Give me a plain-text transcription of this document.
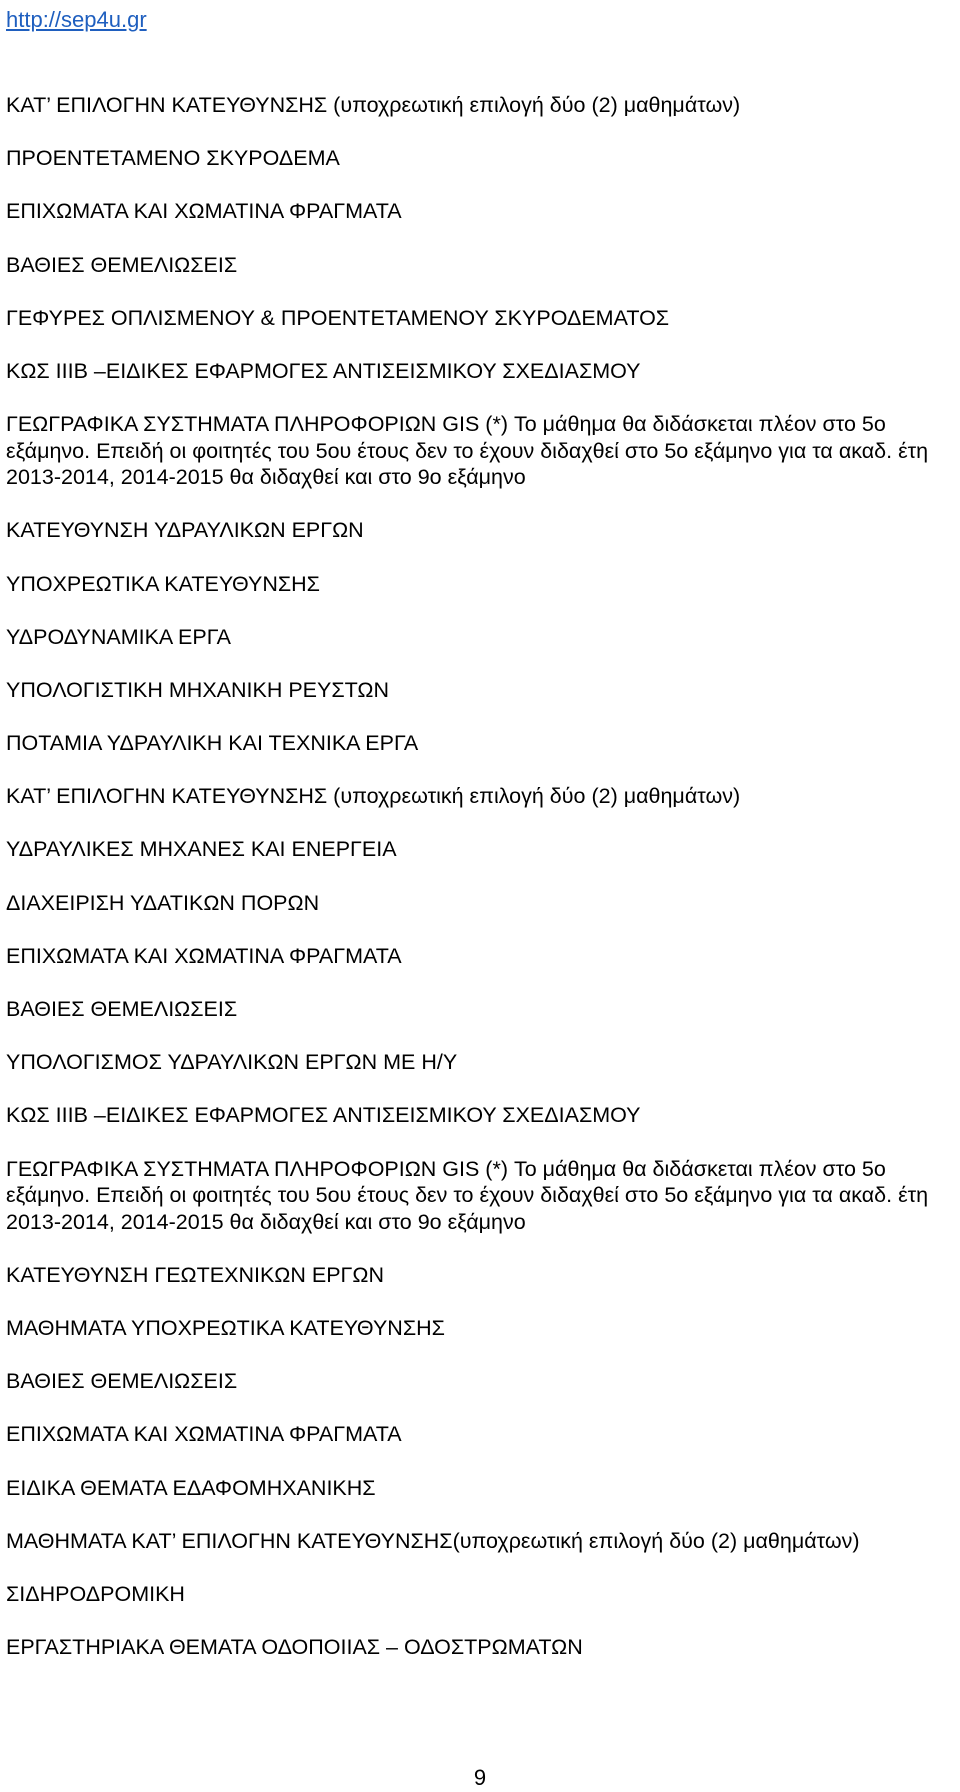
http://sep4u.gr
ΚΑΤ’ ΕΠΙΛΟΓΗΝ ΚΑΤΕΥΘΥΝΣΗΣ (υποχρεωτική επιλογή δύο (2) μαθημάτων)
ΠΡΟΕΝΤΕΤΑΜΕΝΟ ΣΚΥΡΟΔΕΜΑ
ΕΠΙΧΩΜΑΤΑ ΚΑΙ ΧΩΜΑΤΙΝΑ ΦΡΑΓΜΑΤΑ
ΒΑΘΙΕΣ ΘΕΜΕΛΙΩΣΕΙΣ
ΓΕΦΥΡΕΣ ΟΠΛΙΣΜΕΝΟΥ & ΠΡΟΕΝΤΕΤΑΜΕΝΟΥ ΣΚΥΡΟΔΕΜΑΤΟΣ
ΚΩΣ ΙΙΙΒ –ΕΙΔΙΚΕΣ ΕΦΑΡΜΟΓΕΣ ΑΝΤΙΣΕΙΣΜΙΚΟΥ ΣΧΕΔΙΑΣΜΟΥ
ΓΕΩΓΡΑΦΙΚΑ ΣΥΣΤΗΜΑΤΑ ΠΛΗΡΟΦΟΡΙΩΝ GIS (*) Το μάθημα θα διδάσκεται πλέον στο 5ο εξάμηνο. Επειδή οι φοιτητές του 5ου έτους δεν το έχουν διδαχθεί στο 5ο εξάμηνο για τα ακαδ. έτη 2013-2014, 2014-2015 θα διδαχθεί και στο 9ο εξάμηνο
ΚΑΤΕΥΘΥΝΣΗ ΥΔΡΑΥΛΙΚΩΝ ΕΡΓΩΝ
ΥΠΟΧΡΕΩΤΙΚΑ ΚΑΤΕΥΘΥΝΣΗΣ
ΥΔΡΟΔΥΝΑΜΙΚΑ ΕΡΓΑ
ΥΠΟΛΟΓΙΣΤΙΚΗ ΜΗΧΑΝΙΚΗ ΡΕΥΣΤΩΝ
ΠΟΤΑΜΙΑ ΥΔΡΑΥΛΙΚΗ ΚΑΙ ΤΕΧΝΙΚΑ ΕΡΓΑ
ΚΑΤ’ ΕΠΙΛΟΓΗΝ ΚΑΤΕΥΘΥΝΣΗΣ (υποχρεωτική επιλογή δύο (2) μαθημάτων)
ΥΔΡΑΥΛΙΚΕΣ ΜΗΧΑΝΕΣ ΚΑΙ ΕΝΕΡΓΕΙΑ
ΔΙΑΧΕΙΡΙΣΗ ΥΔΑΤΙΚΩΝ ΠΟΡΩΝ
ΕΠΙΧΩΜΑΤΑ ΚΑΙ ΧΩΜΑΤΙΝΑ ΦΡΑΓΜΑΤΑ
ΒΑΘΙΕΣ ΘΕΜΕΛΙΩΣΕΙΣ
ΥΠΟΛΟΓΙΣΜΟΣ ΥΔΡΑΥΛΙΚΩΝ ΕΡΓΩΝ ΜΕ Η/Υ
ΚΩΣ ΙΙΙΒ –ΕΙΔΙΚΕΣ ΕΦΑΡΜΟΓΕΣ ΑΝΤΙΣΕΙΣΜΙΚΟΥ ΣΧΕΔΙΑΣΜΟΥ
ΓΕΩΓΡΑΦΙΚΑ ΣΥΣΤΗΜΑΤΑ ΠΛΗΡΟΦΟΡΙΩΝ GIS (*) Το μάθημα θα διδάσκεται πλέον στο 5ο εξάμηνο. Επειδή οι φοιτητές του 5ου έτους δεν το έχουν διδαχθεί στο 5ο εξάμηνο για τα ακαδ. έτη 2013-2014, 2014-2015 θα διδαχθεί και στο 9ο εξάμηνο
ΚΑΤΕΥΘΥΝΣΗ ΓΕΩΤΕΧΝΙΚΩΝ ΕΡΓΩΝ
ΜΑΘΗΜΑΤΑ ΥΠΟΧΡΕΩΤΙΚΑ ΚΑΤΕΥΘΥΝΣΗΣ
ΒΑΘΙΕΣ ΘΕΜΕΛΙΩΣΕΙΣ
ΕΠΙΧΩΜΑΤΑ ΚΑΙ ΧΩΜΑΤΙΝΑ ΦΡΑΓΜΑΤΑ
ΕΙΔΙΚΑ ΘΕΜΑΤΑ ΕΔΑΦΟΜΗΧΑΝΙΚΗΣ
ΜΑΘΗΜΑΤΑ ΚΑΤ’ ΕΠΙΛΟΓΗΝ ΚΑΤΕΥΘΥΝΣΗΣ(υποχρεωτική επιλογή δύο (2) μαθημάτων)
ΣΙΔΗΡΟΔΡΟΜΙΚΗ
ΕΡΓΑΣΤΗΡΙΑΚΑ ΘΕΜΑΤΑ ΟΔΟΠΟΙΙΑΣ – ΟΔΟΣΤΡΩΜΑΤΩΝ
9
